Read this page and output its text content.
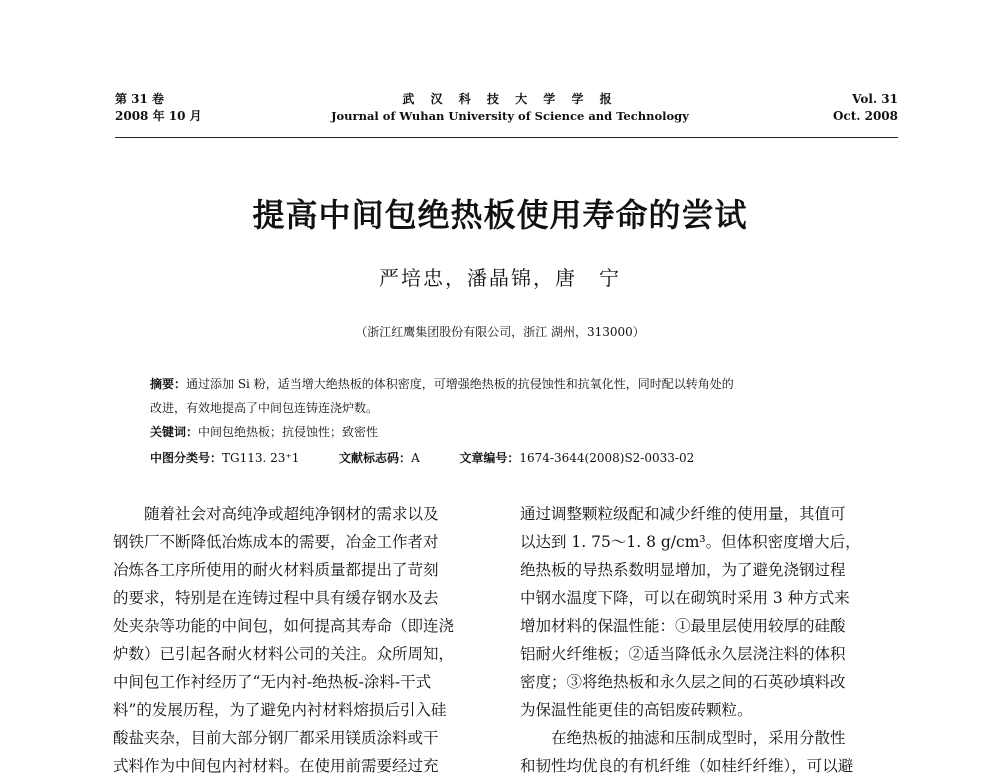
第 31 卷
2008 年 10 月
武 汉 科 技 大 学 学 报
Journal of Wuhan University of Science and Technology
Vol. 31
Oct. 2008
提高中间包绝热板使用寿命的尝试
严培忠，潘晶锦，唐　宁
（浙江红鹰集团股份有限公司，浙江 湖州，313000）
摘要：通过添加 Si 粉，适当增大绝热板的体积密度，可增强绝热板的抗侵蚀性和抗氧化性，同时配以转角处的
改进，有效地提高了中间包连铸连浇炉数。
关键词：中间包绝热板；抗侵蚀性；致密性
中图分类号：TG113. 23⁺1	文献标志码：A	文章编号：1674-3644(2008)S2-0033-02

　　随着社会对高纯净或超纯净钢材的需求以及

钢铁厂不断降低冶炼成本的需要，冶金工作者对

冶炼各工序所使用的耐火材料质量都提出了苛刻

的要求，特别是在连铸过程中具有缓存钢水及去

处夹杂等功能的中间包，如何提高其寿命（即连浇

炉数）已引起各耐火材料公司的关注。众所周知，

中间包工作衬经历了“无内衬-绝热板-涂料-干式

料”的发展历程，为了避免内衬材料熔损后引入硅

酸盐夹杂，目前大部分钢厂都采用镁质涂料或干

式料作为中间包内衬材料。在使用前需要经过充

通过调整颗粒级配和减少纤维的使用量，其值可

以达到 1. 75～1. 8 g/cm³。但体积密度增大后，

绝热板的导热系数明显增加，为了避免浇钢过程

中钢水温度下降，可以在砌筑时采用 3 种方式来

增加材料的保温性能：①最里层使用较厚的硅酸

铝耐火纤维板；②适当降低永久层浇注料的体积

密度；③将绝热板和永久层之间的石英砂填料改

为保温性能更佳的高铝废砖颗粒。

　　在绝热板的抽滤和压制成型时，采用分散性

和韧性均优良的有机纤维（如桂纤纤维），可以避
